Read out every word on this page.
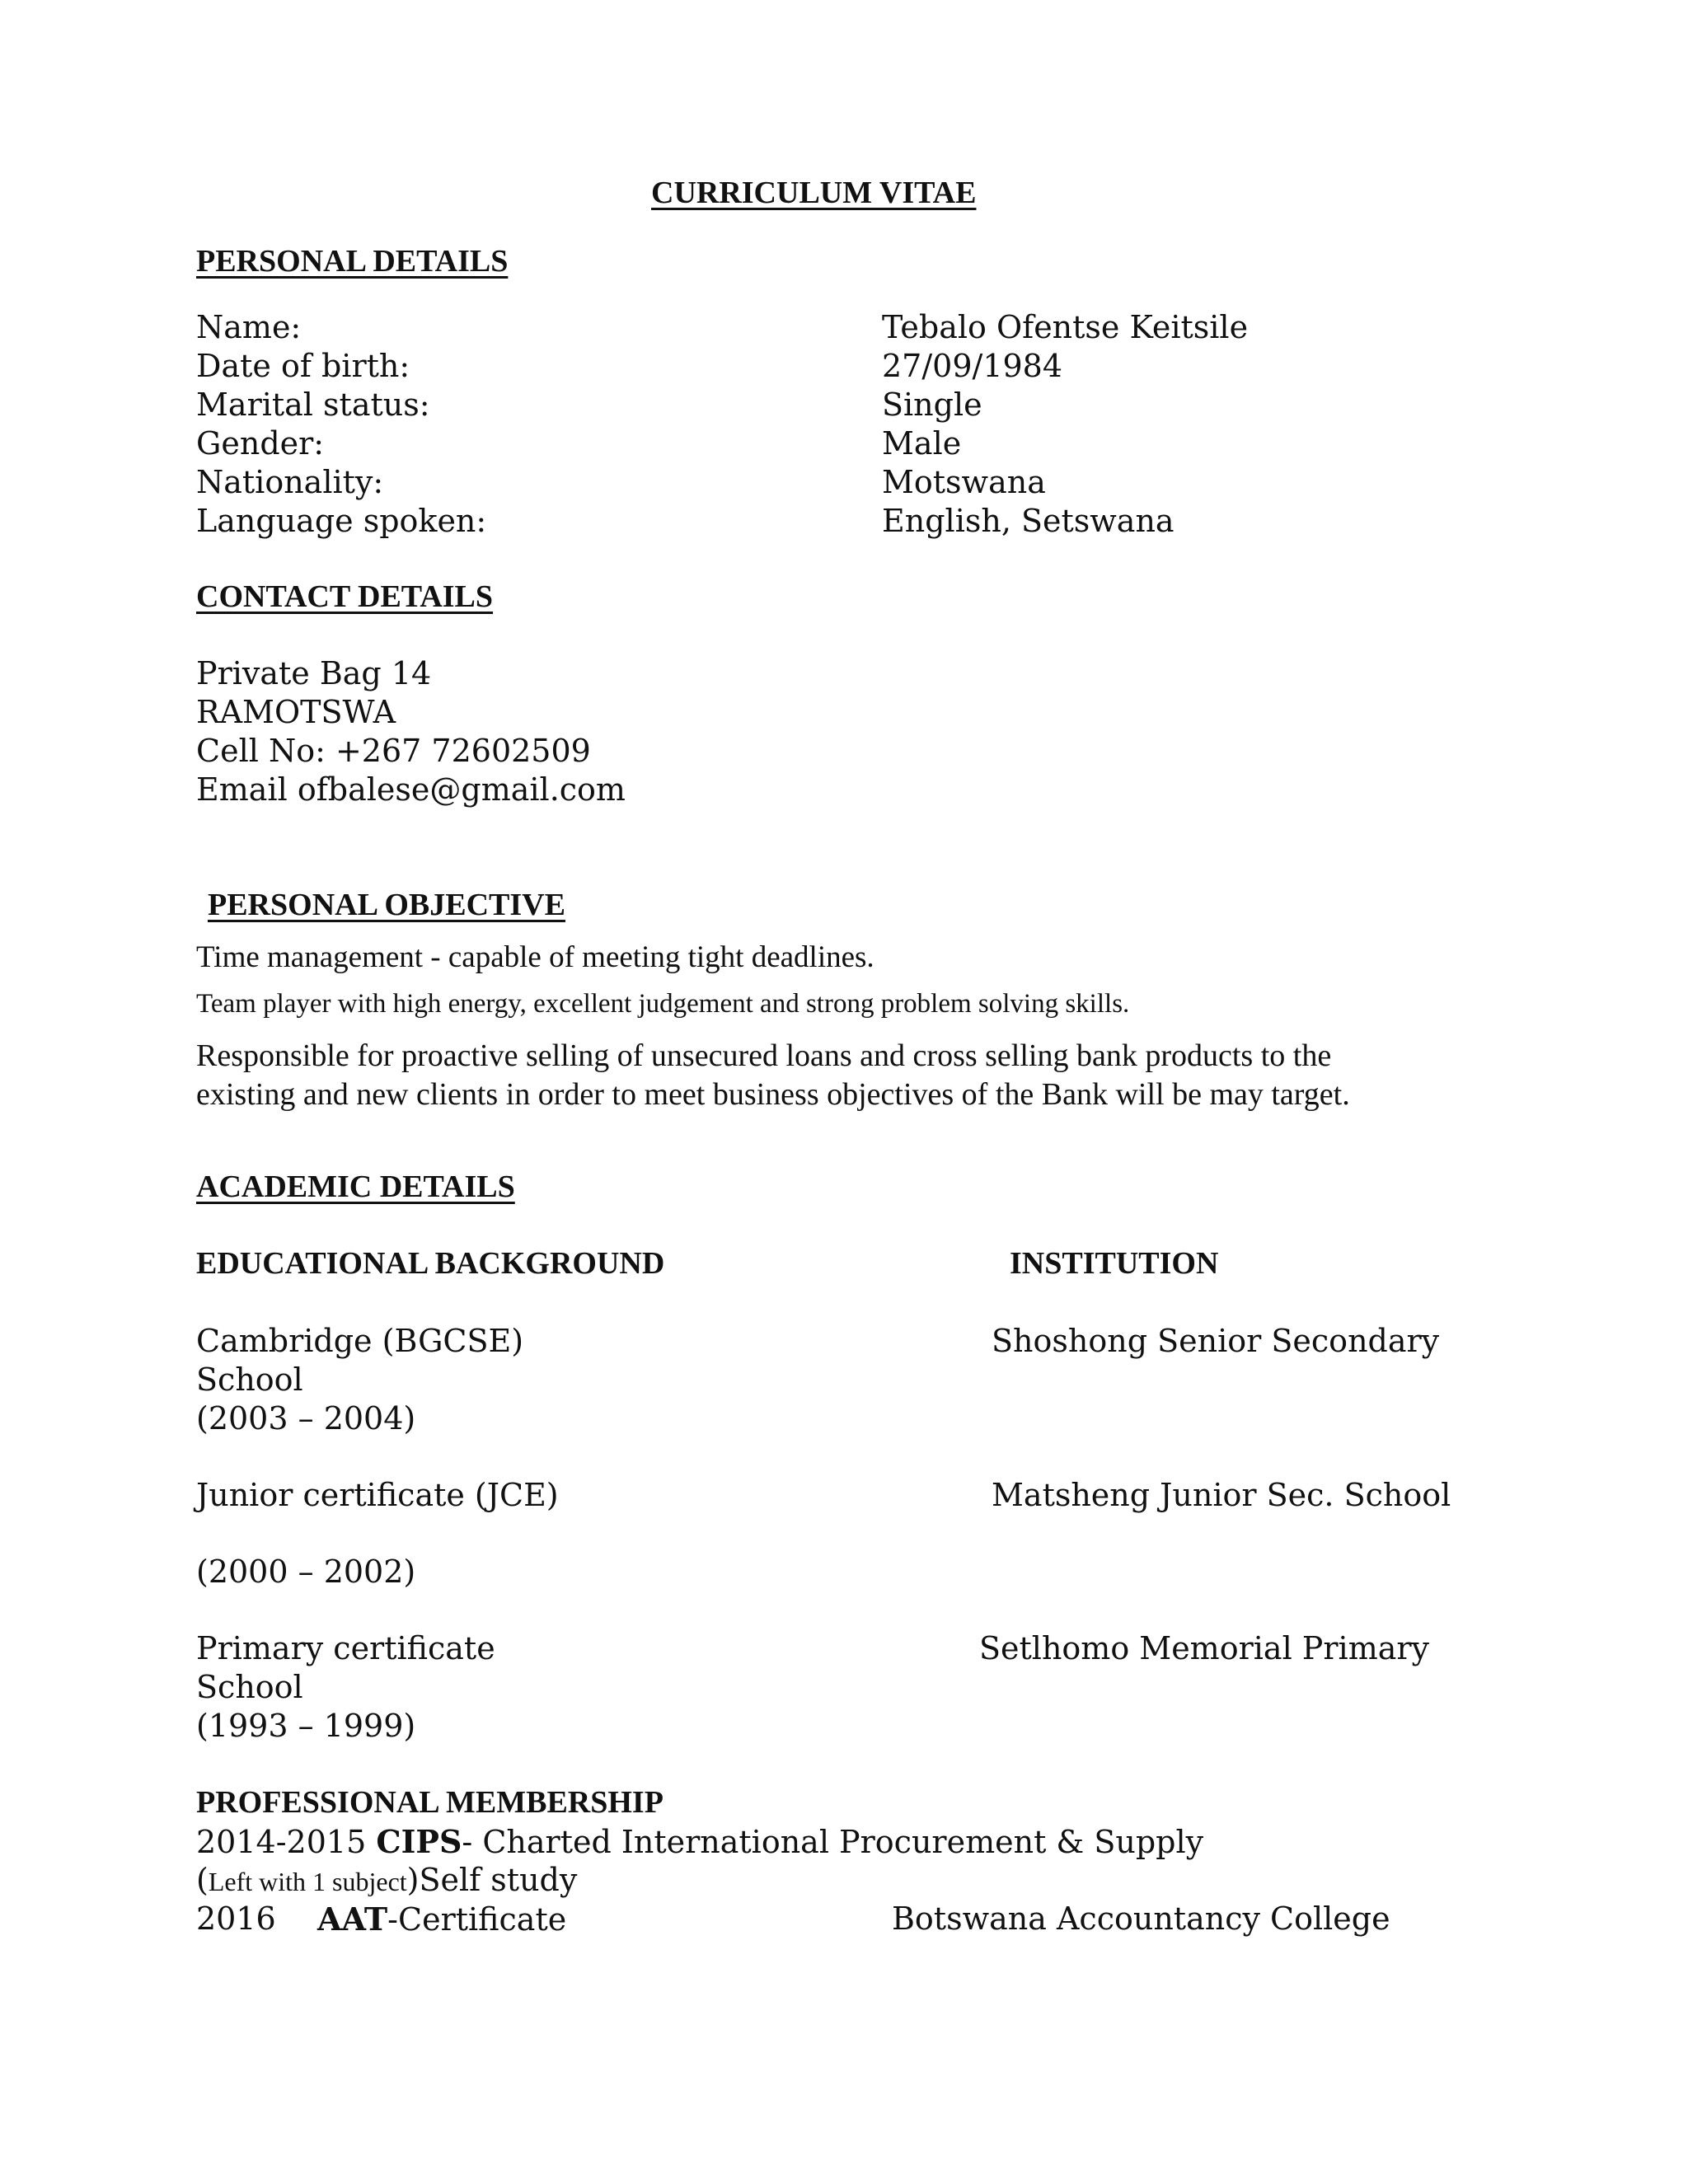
CURRICULUM VITAE
PERSONAL DETAILS
Name:	Tebalo Ofentse Keitsile
Date of birth:	27/09/1984
Marital status:	Single
Gender:	Male
Nationality:	Motswana
Language spoken:	English, Setswana
CONTACT DETAILS
Private Bag 14
RAMOTSWA
Cell No: +267 72602509
Email ofbalese@gmail.com
PERSONAL OBJECTIVE
Time management - capable of meeting tight deadlines.
Team player with high energy, excellent judgement and strong problem solving skills.
Responsible for proactive selling of unsecured loans and cross selling bank products to the
existing and new clients in order to meet business objectives of the Bank will be may target.
ACADEMIC DETAILS
EDUCATIONAL BACKGROUND	INSTITUTION
Cambridge (BGCSE)	Shoshong Senior Secondary
School
(2003 – 2004)
Junior certificate (JCE)	Matsheng Junior Sec. School
(2000 – 2002)
Primary certificate	Setlhomo Memorial Primary
School
(1993 – 1999)
PROFESSIONAL MEMBERSHIP
2014-2015 CIPS- Charted International Procurement & Supply
(Left with 1 subject)Self study
2016 AAT-Certificate	Botswana Accountancy College
